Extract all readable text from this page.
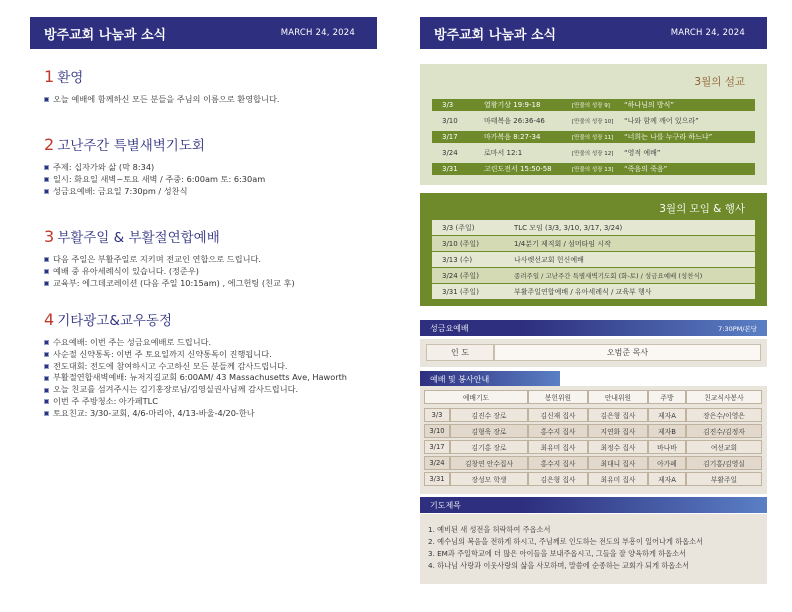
방주교회 나눔과 소식	MARCH 24, 2024	방주교회 나눔과 소식	MARCH 24, 2024
1 환영
오늘 예배에 함께하신 모든 분들을 주님의 이름으로 환영합니다.
2 고난주간 특별새벽기도회
주제: 십자가와 삶 (막 8:34)
일시: 화요일 새벽~토요 새벽 / 주중: 6:00am 토: 6:30am
성금요예배: 금요일 7:30pm / 성찬식
3 부활주일 & 부활절연합예배
다음 주일은 부활주일로 지키며 전교인 연합으로 드립니다.
예배 중 유아세례식이 있습니다. (정준우)
교육부: 에그데코레이션 (다음 주일 10:15am) , 에그헌팅 (친교 후)
4 기타광고&교우동정
수요예배: 이번 주는 성금요예배로 드립니다.
사순절 신약통독: 이번 주 토요일까지 신약통독이 진행됩니다.
전도대회: 전도에 참여하시고 수고하신 모든 분들께 감사드립니다.
부활절연합새벽예배: 뉴저지길교회 6:00AM/ 43 Massachusetts Ave, Haworth
오늘 친교를 섬겨주시는 김기홍장로님/김영실권사님께 감사드립니다.
이번 주 주방청소: 아가페TLC
토요친교: 3/30-교회, 4/6-마리아, 4/13-바울-4/20-한나
3월의 설교
3/3	열왕기상 19:9-18	[만물의 성장 9] “하나님의 방식”
3/10	마태복음 26:36-46	[만물의 성장 10] “나와 함께 깨어 있으라”
3/17	마가복음 8:27-34	[만물의 성장 11] “너희는 나를 누구라 하느냐”
3/24	로마서 12:1	[만물의 성장 12] “영적 예배”
3/31	고린도전서 15:50-58	[만물의 성장 13] “죽음의 죽음”
3월의 모임 & 행사
3/3 (주일)	TLC 모임 (3/3, 3/10, 3/17, 3/24)
3/10 (주일)	1/4분기 제직회 / 섬머타임 시작
3/13 (수)	나사렛선교회 헌신예배
3/24 (주일)	종려주일 / 고난주간 특별새벽기도회 (화-토) / 성금요예배 (성찬식)
3/31 (주일)	부활주일연합예배 / 유아세례식 / 교육부 행사
성금요예배	7:30PM/본당
인 도	오범준 목사
예배 및 봉사안내
예배기도	봉헌위원	안내위원	주방	친교식사봉사
3/3	김진수 장로	김신재 집사	김은형 집사	제자A	장은수/이영은
3/10	김형욱 장로	홍수지 집사	지연화 집사	제자B	김진수/김정자
3/17	김기홍 장로	최유미 집사	최정수 집사	바나바	여선교회
3/24	김창연 안수집사	홍수지 집사	최대니 집사	아가페	김기홍/김영실
3/31	장성모 학생	김은형 집사	최유미 집사	제자A	부활주일
기도제목
1. 예비된 새 성전을 허락하여 주옵소서
2. 예수님의 복음을 전하게 하시고, 주님께로 인도하는 전도의 부흥이 일어나게 하옵소서
3. EM과 주일학교에 더 많은 아이들을 보내주옵시고, 그들을 잘 양육하게 하옵소서
4. 하나님 사랑과 이웃사랑의 삶을 사모하며, 말씀에 순종하는 교회가 되게 하옵소서
